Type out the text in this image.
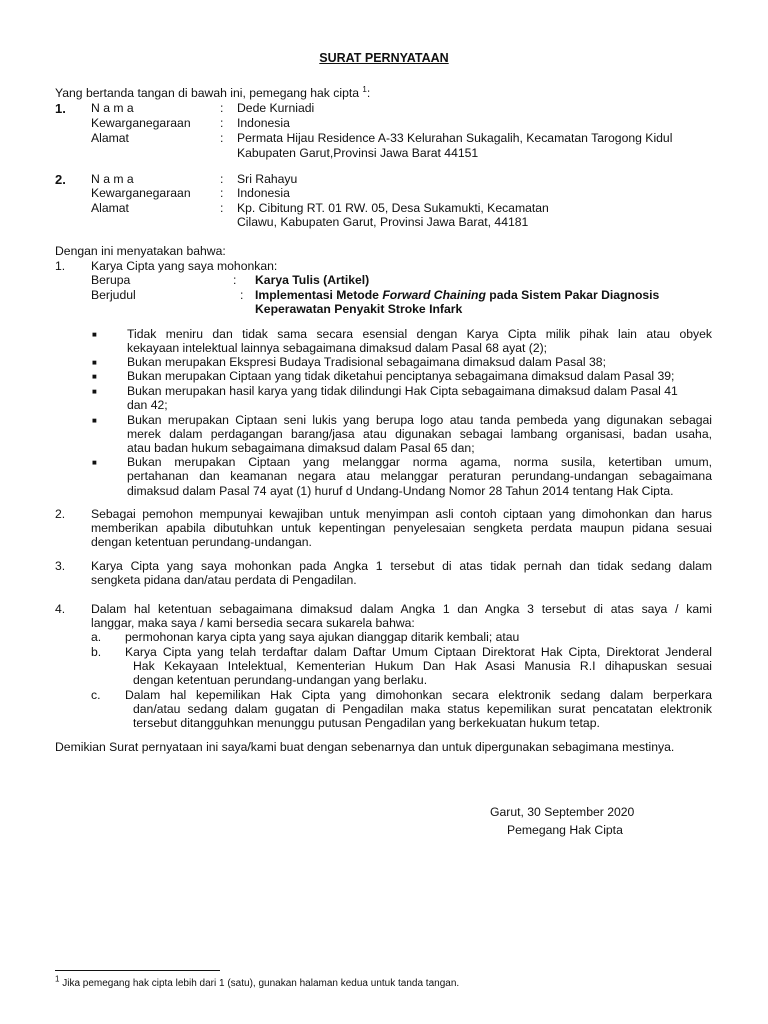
SURAT PERNYATAAN
Yang bertanda tangan di bawah ini, pemegang hak cipta $^1$:
1. N a m a	: Dede Kurniadi
Kewarganegaraan : Indonesia
Alamat	: Permata Hijau Residence A-33 Kelurahan Sukagalih, Kecamatan Tarogong Kidul
Kabupaten Garut,Provinsi Jawa Barat 44151
2. N a m a	: Sri Rahayu
Kewarganegaraan : Indonesia
Alamat	: Kp. Cibitung RT. 01 RW. 05, Desa Sukamukti, Kecamatan
Cilawu, Kabupaten Garut, Provinsi Jawa Barat, 44181
Dengan ini menyatakan bahwa:
1. Karya Cipta yang saya mohonkan:
Berupa	: Karya Tulis (Artikel)
Berjudul	: Implementasi Metode Forward Chaining pada Sistem Pakar Diagnosis
Keperawatan Penyakit Stroke Infark
■ Tidak meniru dan tidak sama secara esensial dengan Karya Cipta milik pihak lain atau obyek
kekayaan intelektual lainnya sebagaimana dimaksud dalam Pasal 68 ayat (2);
■ Bukan merupakan Ekspresi Budaya Tradisional sebagaimana dimaksud dalam Pasal 38;
■ Bukan merupakan Ciptaan yang tidak diketahui penciptanya sebagaimana dimaksud dalam Pasal 39;
■ Bukan merupakan hasil karya yang tidak dilindungi Hak Cipta sebagaimana dimaksud dalam Pasal 41
dan 42;
■ Bukan merupakan Ciptaan seni lukis yang berupa logo atau tanda pembeda yang digunakan sebagai
merek dalam perdagangan barang/jasa atau digunakan sebagai lambang organisasi, badan usaha,
atau badan hukum sebagaimana dimaksud dalam Pasal 65 dan;
■ Bukan merupakan Ciptaan yang melanggar norma agama, norma susila, ketertiban umum,
pertahanan dan keamanan negara atau melanggar peraturan perundang-undangan sebagaimana
dimaksud dalam Pasal 74 ayat (1) huruf d Undang-Undang Nomor 28 Tahun 2014 tentang Hak Cipta.
2. Sebagai pemohon mempunyai kewajiban untuk menyimpan asli contoh ciptaan yang dimohonkan dan harus
memberikan apabila dibutuhkan untuk kepentingan penyelesaian sengketa perdata maupun pidana sesuai
dengan ketentuan perundang-undangan.
3. Karya Cipta yang saya mohonkan pada Angka 1 tersebut di atas tidak pernah dan tidak sedang dalam
sengketa pidana dan/atau perdata di Pengadilan.
4. Dalam hal ketentuan sebagaimana dimaksud dalam Angka 1 dan Angka 3 tersebut di atas saya / kami
langgar, maka saya / kami bersedia secara sukarela bahwa:
a. permohonan karya cipta yang saya ajukan dianggap ditarik kembali; atau
b. Karya Cipta yang telah terdaftar dalam Daftar Umum Ciptaan Direktorat Hak Cipta, Direktorat Jenderal
Hak Kekayaan Intelektual, Kementerian Hukum Dan Hak Asasi Manusia R.I dihapuskan sesuai
dengan ketentuan perundang-undangan yang berlaku.
c. Dalam hal kepemilikan Hak Cipta yang dimohonkan secara elektronik sedang dalam berperkara
dan/atau sedang dalam gugatan di Pengadilan maka status kepemilikan surat pencatatan elektronik
tersebut ditangguhkan menunggu putusan Pengadilan yang berkekuatan hukum tetap.
Demikian Surat pernyataan ini saya/kami buat dengan sebenarnya dan untuk dipergunakan sebagimana mestinya.
Garut, 30 September 2020
Pemegang Hak Cipta
$^1$ Jika pemegang hak cipta lebih dari 1 (satu), gunakan halaman kedua untuk tanda tangan.
